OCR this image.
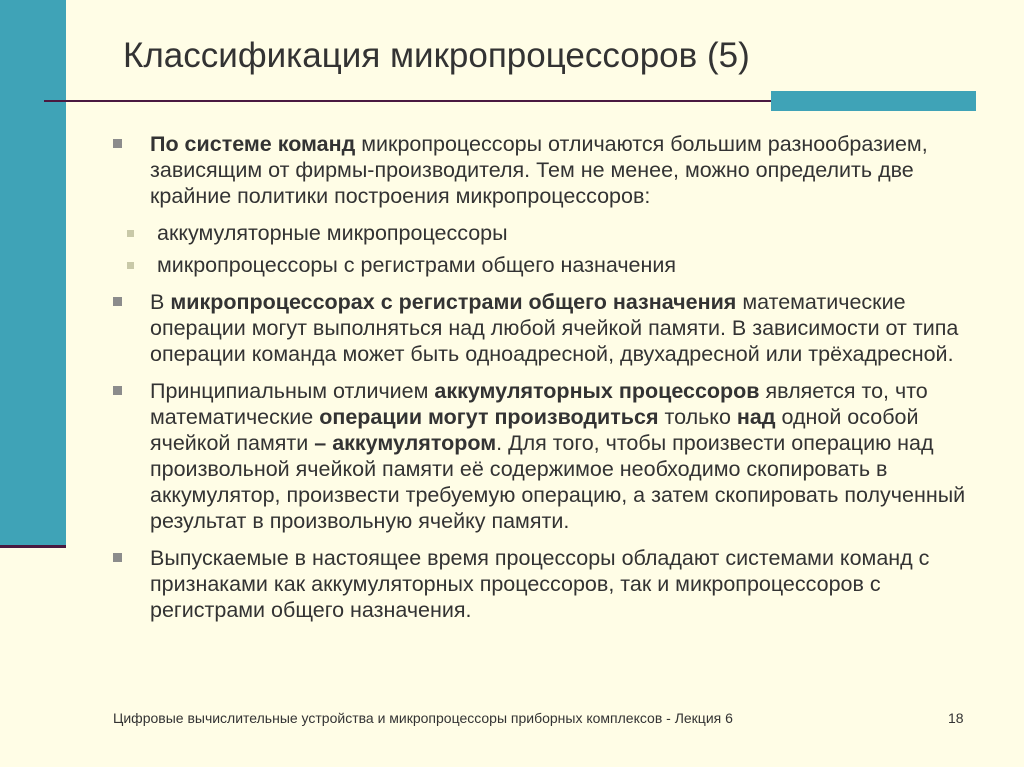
Классификация микропроцессоров (5)
По системе команд микропроцессоры отличаются большим разнообразием, зависящим от фирмы-производителя. Тем не менее, можно определить две крайние политики построения микропроцессоров:
аккумуляторные микропроцессоры
микропроцессоры с регистрами общего назначения
В микропроцессорах с регистрами общего назначения математические операции могут выполняться над любой ячейкой памяти. В зависимости от типа операции команда может быть одноадресной, двухадресной или трёхадресной.
Принципиальным отличием аккумуляторных процессоров является то, что математические операции могут производиться только над одной особой ячейкой памяти – аккумулятором. Для того, чтобы произвести операцию над произвольной ячейкой памяти её содержимое необходимо скопировать в аккумулятор, произвести требуемую операцию, а затем скопировать полученный результат в произвольную ячейку памяти.
Выпускаемые в настоящее время процессоры обладают системами команд с признаками как аккумуляторных процессоров, так и микропроцессоров с регистрами общего назначения.
Цифровые вычислительные устройства и микропроцессоры приборных комплексов - Лекция 6	18
